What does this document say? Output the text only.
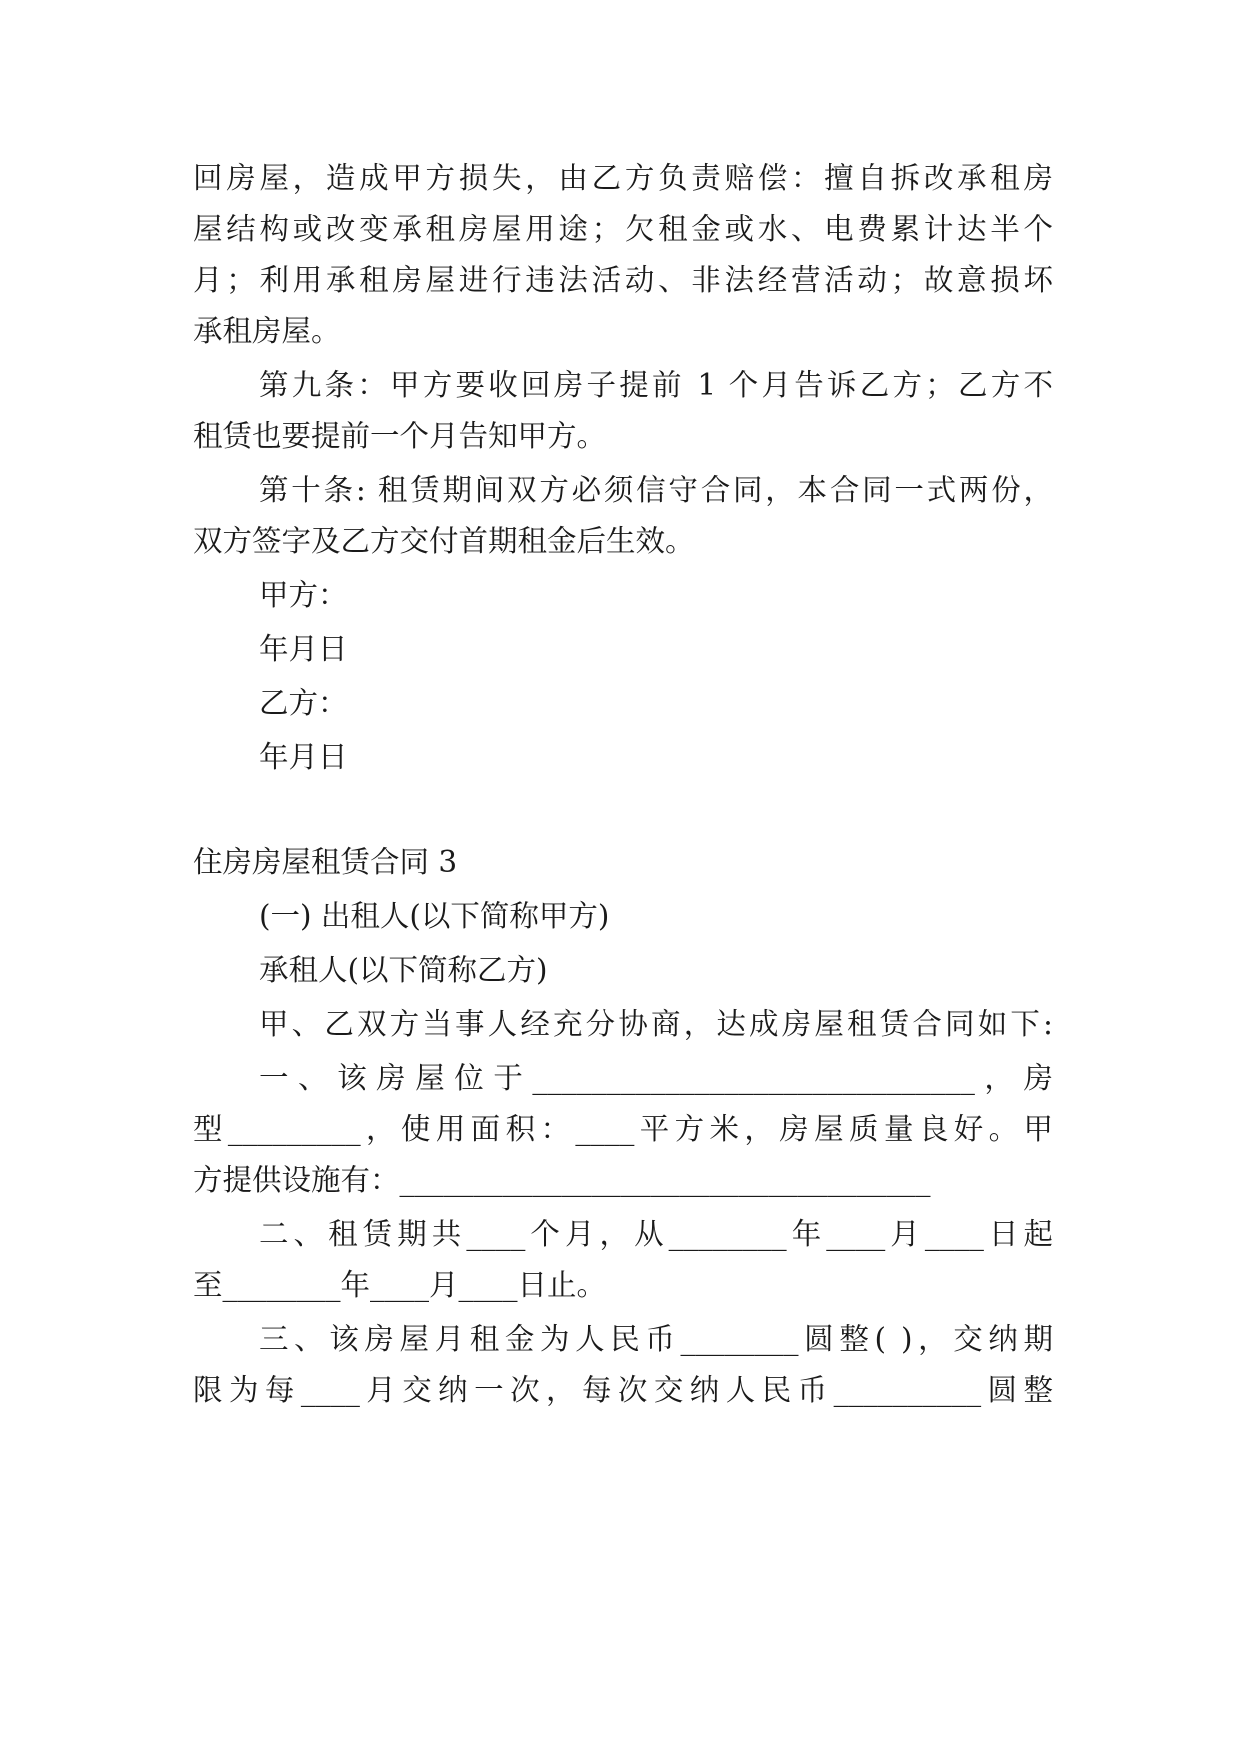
回房屋，造成甲方损失，由乙方负责赔偿：擅自拆改承租房
屋结构或改变承租房屋用途；欠租金或水、电费累计达半个
月；利用承租房屋进行违法活动、非法经营活动；故意损坏
承租房屋。
第九条：甲方要收回房子提前 1 个月告诉乙方；乙方不
租赁也要提前一个月告知甲方。
第十条: 租赁期间双方必须信守合同，本合同一式两份，
双方签字及乙方交付首期租金后生效。
甲方：
年月日
乙方：
年月日
住房房屋租赁合同 3
(一) 出租人(以下简称甲方)
承租人(以下简称乙方)
甲、乙双方当事人经充分协商，达成房屋租赁合同如下:
一、该房屋位于______________________________，房
型_________，使用面积：____平方米，房屋质量良好。甲
方提供设施有：____________________________________
二、租赁期共____个月，从________年____月____日起
至________年____月____日止。
三、该房屋月租金为人民币________圆整( )，交纳期
限为每____月交纳一次，每次交纳人民币__________圆整
